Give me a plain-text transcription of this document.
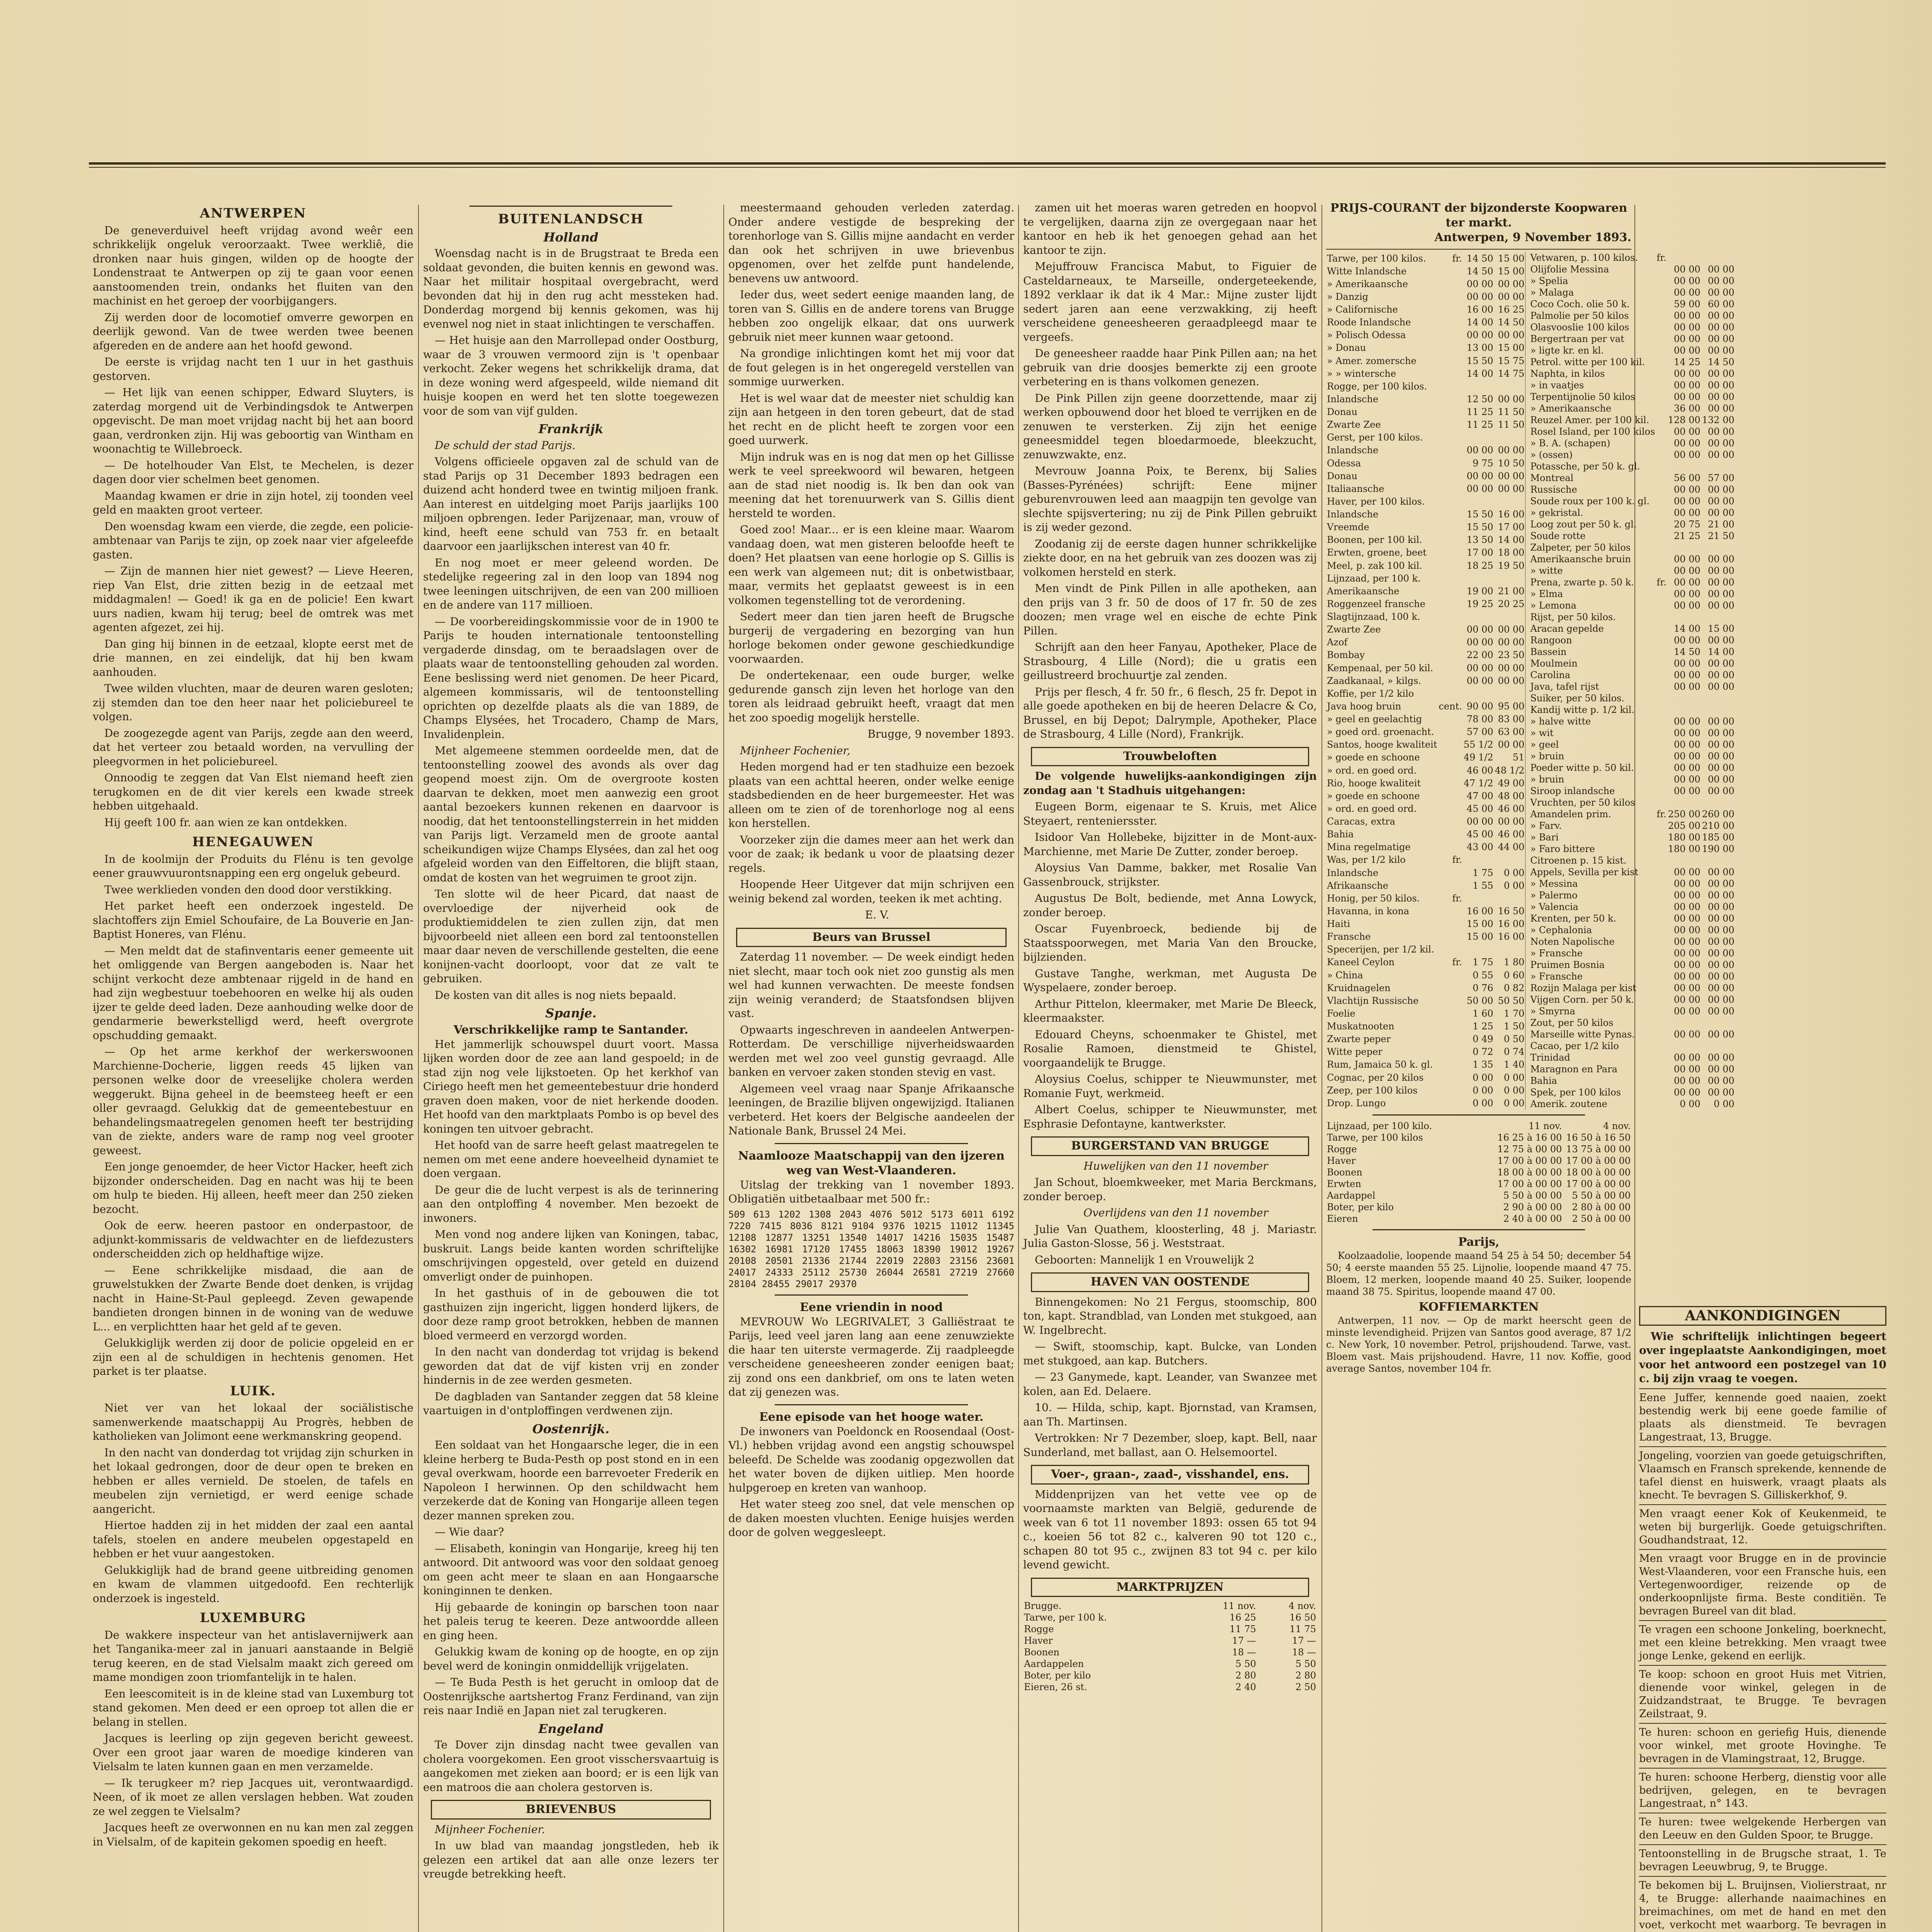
ANTWERPEN

De geneverduivel heeft vrijdag avond weêr een schrikkelijk ongeluk veroorzaakt. Twee werkliê, die dronken naar huis gingen, wilden op de hoogte der Londenstraat te Antwerpen op zij te gaan voor eenen aanstoomenden trein, ondanks het fluiten van den machinist en het geroep der voorbijgangers.

Zij werden door de locomotief omverre geworpen en deerlijk gewond. Van de twee werden twee beenen afgereden en de andere aan het hoofd gewond.

De eerste is vrijdag nacht ten 1 uur in het gasthuis gestorven.

— Het lijk van eenen schipper, Edward Sluyters, is zaterdag morgend uit de Verbindingsdok te Antwerpen opgevischt. De man moet vrijdag nacht bij het aan boord gaan, verdronken zijn. Hij was geboortig van Wintham en woonachtig te Willebroeck.

— De hotelhouder Van Elst, te Mechelen, is dezer dagen door vier schelmen beet genomen.

Maandag kwamen er drie in zijn hotel, zij toonden veel geld en maakten groot verteer.

Den woensdag kwam een vierde, die zegde, een policie-ambtenaar van Parijs te zijn, op zoek naar vier afgeleefde gasten.

— Zijn de mannen hier niet gewest? — Lieve Heeren, riep Van Elst, drie zitten bezig in de eetzaal met middagmalen! — Goed! ik ga en de policie! Een kwart uurs nadien, kwam hij terug; beel de omtrek was met agenten afgezet, zei hij.

Dan ging hij binnen in de eetzaal, klopte eerst met de drie mannen, en zei eindelijk, dat hij ben kwam aanhouden.

Twee wilden vluchten, maar de deuren waren gesloten; zij stemden dan toe den heer naar het policiebureel te volgen.

De zoogezegde agent van Parijs, zegde aan den weerd, dat het verteer zou betaald worden, na vervulling der pleegvormen in het policiebureel.

Onnoodig te zeggen dat Van Elst niemand heeft zien terugkomen en de dit vier kerels een kwade streek hebben uitgehaald.

Hij geeft 100 fr. aan wien ze kan ontdekken.

HENEGAUWEN

In de koolmijn der Produits du Flénu is ten gevolge eener grauwvuurontsnapping een erg ongeluk gebeurd.

Twee werklieden vonden den dood door verstikking.

Het parket heeft een onderzoek ingesteld. De slachtoffers zijn Emiel Schoufaire, de La Bouverie en Jan-Baptist Honeres, van Flénu.

— Men meldt dat de stafinventaris eener gemeente uit het omliggende van Bergen aangeboden is. Naar het schijnt verkocht deze ambtenaar rijgeld in de hand en had zijn wegbestuur toebehooren en welke hij als ouden ijzer te gelde deed laden. Deze aanhouding welke door de gendarmerie bewerkstelligd werd, heeft overgrote opschudding gemaakt.

— Op het arme kerkhof der werkerswoonen Marchienne-Docherie, liggen reeds 45 lijken van personen welke door de vreeselijke cholera werden weggerukt. Bijna geheel in de beemsteeg heeft er een oller gevraagd. Gelukkig dat de gemeentebestuur en behandelingsmaatregelen genomen heeft ter bestrijding van de ziekte, anders ware de ramp nog veel grooter geweest.

Een jonge genoemder, de heer Victor Hacker, heeft zich bijzonder onderscheiden. Dag en nacht was hij te been om hulp te bieden. Hij alleen, heeft meer dan 250 zieken bezocht.

Ook de eerw. heeren pastoor en onderpastoor, de adjunkt-kommissaris de veldwachter en de liefdezusters onderscheidden zich op heldhaftige wijze.

— Eene schrikkelijke misdaad, die aan de gruwelstukken der Zwarte Bende doet denken, is vrijdag nacht in Haine-St-Paul gepleegd. Zeven gewapende bandieten drongen binnen in de woning van de weduwe L... en verplichtten haar het geld af te geven.

Gelukkiglijk werden zij door de policie opgeleid en er zijn een al de schuldigen in hechtenis genomen. Het parket is ter plaatse.

LUIK.

Niet ver van het lokaal der sociälistische samenwerkende maatschappij Au Progrès, hebben de katholieken van Jolimont eene werkmanskring geopend.

In den nacht van donderdag tot vrijdag zijn schurken in het lokaal gedrongen, door de deur open te breken en hebben er alles vernield. De stoelen, de tafels en meubelen zijn vernietigd, er werd eenige schade aangericht.

Hiertoe hadden zij in het midden der zaal een aantal tafels, stoelen en andere meubelen opgestapeld en hebben er het vuur aangestoken.

Gelukkiglijk had de brand geene uitbreiding genomen en kwam de vlammen uitgedoofd. Een rechterlijk onderzoek is ingesteld.

LUXEMBURG

De wakkere inspecteur van het antislavernijwerk aan het Tanganika-meer zal in januari aanstaande in België terug keeren, en de stad Vielsalm maakt zich gereed om mame mondigen zoon triomfantelijk in te halen.

Een leescomiteit is in de kleine stad van Luxemburg tot stand gekomen. Men deed er een oproep tot allen die er belang in stellen.

Jacques is leerling op zijn gegeven bericht geweest. Over een groot jaar waren de moedige kinderen van Vielsalm te laten kunnen gaan en men verzamelde.

— Ik terugkeer m? riep Jacques uit, verontwaardigd. Neen, of ik moet ze allen verslagen hebben. Wat zouden ze wel zeggen te Vielsalm?

Jacques heeft ze overwonnen en nu kan men zal zeggen in Vielsalm, of de kapitein gekomen spoedig en heeft.

BUITENLANDSCH
Holland

Woensdag nacht is in de Brugstraat te Breda een soldaat gevonden, die buiten kennis en gewond was. Naar het militair hospitaal overgebracht, werd bevonden dat hij in den rug acht messteken had. Donderdag morgend bij kennis gekomen, was hij evenwel nog niet in staat inlichtingen te verschaffen.

— Het huisje aan den Marrollepad onder Oostburg, waar de 3 vrouwen vermoord zijn is 't openbaar verkocht. Zeker wegens het schrikkelijk drama, dat in deze woning werd afgespeeld, wilde niemand dit huisje koopen en werd het ten slotte toegewezen voor de som van vijf gulden.

Frankrijk

De schuld der stad Parijs.

Volgens officieele opgaven zal de schuld van de stad Parijs op 31 December 1893 bedragen een duizend acht honderd twee en twintig miljoen frank. Aan interest en uitdelging moet Parijs jaarlijks 100 miljoen opbrengen. Ieder Parijzenaar, man, vrouw of kind, heeft eene schuld van 753 fr. en betaalt daarvoor een jaarlijkschen interest van 40 fr.

En nog moet er meer geleend worden. De stedelijke regeering zal in den loop van 1894 nog twee leeningen uitschrijven, de een van 200 millioen en de andere van 117 millioen.

— De voorbereidingskommissie voor de in 1900 te Parijs te houden internationale tentoonstelling vergaderde dinsdag, om te beraadslagen over de plaats waar de tentoonstelling gehouden zal worden. Eene beslissing werd niet genomen. De heer Picard, algemeen kommissaris, wil de tentoonstelling oprichten op dezelfde plaats als die van 1889, de Champs Elysées, het Trocadero, Champ de Mars, Invalidenplein.

Met algemeene stemmen oordeelde men, dat de tentoonstelling zoowel des avonds als over dag geopend moest zijn. Om de overgroote kosten daarvan te dekken, moet men aanwezig een groot aantal bezoekers kunnen rekenen en daarvoor is noodig, dat het tentoonstellingsterrein in het midden van Parijs ligt. Verzameld men de groote aantal scheikundigen wijze Champs Elysées, dan zal het oog afgeleid worden van den Eiffeltoren, die blijft staan, omdat de kosten van het wegruimen te groot zijn.

Ten slotte wil de heer Picard, dat naast de overvloedige der nijverheid ook de produktiemiddelen te zien zullen zijn, dat men bijvoorbeeld niet alleen een bord zal tentoonstellen maar daar neven de verschillende gestelten, die eene konijnen-vacht doorloopt, voor dat ze valt te gebruiken.

De kosten van dit alles is nog niets bepaald.

Spanje.
Verschrikkelijke ramp te Santander.

Het jammerlijk schouwspel duurt voort. Massa lijken worden door de zee aan land gespoeld; in de stad zijn nog vele lijkstoeten. Op het kerkhof van Ciriego heeft men het gemeentebestuur drie honderd graven doen maken, voor de niet herkende dooden. Het hoofd van den marktplaats Pombo is op bevel des koningen ten uitvoer gebracht.

Het hoofd van de sarre heeft gelast maatregelen te nemen om met eene andere hoeveelheid dynamiet te doen vergaan.

De geur die de lucht verpest is als de terinnering aan den ontploffing 4 november. Men bezoekt de inwoners.

Men vond nog andere lijken van Koningen, tabac, buskruit. Langs beide kanten worden schriftelijke omschrijvingen opgesteld, over geteld en duizend omverligt onder de puinhopen.

In het gasthuis of in de gebouwen die tot gasthuizen zijn ingericht, liggen honderd lijkers, de door deze ramp groot betrokken, hebben de mannen bloed vermeerd en verzorgd worden.

In den nacht van donderdag tot vrijdag is bekend geworden dat dat de vijf kisten vrij en zonder hindernis in de zee werden gesmeten.

De dagbladen van Santander zeggen dat 58 kleine vaartuigen in d'ontploffingen verdwenen zijn.

Oostenrijk.

Een soldaat van het Hongaarsche leger, die in een kleine herberg te Buda-Pesth op post stond en in een geval overkwam, hoorde een barrevoeter Frederik en Napoleon I herwinnen. Op den schildwacht hem verzekerde dat de Koning van Hongarije alleen tegen dezer mannen spreken zou.

— Wie daar?

— Elisabeth, koningin van Hongarije, kreeg hij ten antwoord. Dit antwoord was voor den soldaat genoeg om geen acht meer te slaan en aan Hongaarsche koninginnen te denken.

Hij gebaarde de koningin op barschen toon naar het paleis terug te keeren. Deze antwoordde alleen en ging heen.

Gelukkig kwam de koning op de hoogte, en op zijn bevel werd de koningin onmiddellijk vrijgelaten.

— Te Buda Pesth is het gerucht in omloop dat de Oostenrijksche aartshertog Franz Ferdinand, van zijn reis naar Indië en Japan niet zal terugkeren.

Engeland

Te Dover zijn dinsdag nacht twee gevallen van cholera voorgekomen. Een groot visschersvaartuig is aangekomen met zieken aan boord; er is een lijk van een matroos die aan cholera gestorven is.

BRIEVENBUS

Mijnheer Fochenier.

In uw blad van maandag jongstleden, heb ik gelezen een artikel dat aan alle onze lezers ter vreugde betrekking heeft.

meestermaand gehouden verleden zaterdag. Onder andere vestigde de bespreking der torenhorloge van S. Gillis mijne aandacht en verder dan ook het schrijven in uwe brievenbus opgenomen, over het zelfde punt handelende, benevens uw antwoord.

Ieder dus, weet sedert eenige maanden lang, de toren van S. Gillis en de andere torens van Brugge hebben zoo ongelijk elkaar, dat ons uurwerk gebruik niet meer kunnen waar getoond.

Na grondige inlichtingen komt het mij voor dat de fout gelegen is in het ongeregeld verstellen van sommige uurwerken.

Het is wel waar dat de meester niet schuldig kan zijn aan hetgeen in den toren gebeurt, dat de stad het recht en de plicht heeft te zorgen voor een goed uurwerk.

Mijn indruk was en is nog dat men op het Gillisse werk te veel spreekwoord wil bewaren, hetgeen aan de stad niet noodig is. Ik ben dan ook van meening dat het torenuurwerk van S. Gillis dient hersteld te worden.

Goed zoo! Maar... er is een kleine maar. Waarom vandaag doen, wat men gisteren beloofde heeft te doen? Het plaatsen van eene horlogie op S. Gillis is een werk van algemeen nut; dit is onbetwistbaar, maar, vermits het geplaatst geweest is in een volkomen tegenstelling tot de verordening.

Sedert meer dan tien jaren heeft de Brugsche burgerij de vergadering en bezorging van hun horloge bekomen onder gewone geschiedkundige voorwaarden.

De ondertekenaar, een oude burger, welke gedurende gansch zijn leven het horloge van den toren als leidraad gebruikt heeft, vraagt dat men het zoo spoedig mogelijk herstelle.

Brugge, 9 november 1893.

Mijnheer Fochenier,

Heden morgend had er ten stadhuize een bezoek plaats van een achttal heeren, onder welke eenige stadsbedienden en de heer burgemeester. Het was alleen om te zien of de torenhorloge nog al eens kon herstellen.

Voorzeker zijn die dames meer aan het werk dan voor de zaak; ik bedank u voor de plaatsing dezer regels.

Hoopende Heer Uitgever dat mijn schrijven een weinig bekend zal worden, teeken ik met achting.

E. V.

Beurs van Brussel

Zaterdag 11 november. — De week eindigt heden niet slecht, maar toch ook niet zoo gunstig als men wel had kunnen verwachten. De meeste fondsen zijn weinig veranderd; de Staatsfondsen blijven vast.

Opwaarts ingeschreven in aandeelen Antwerpen-Rotterdam. De verschillige nijverheidswaarden werden met wel zoo veel gunstig gevraagd. Alle banken en vervoer zaken stonden stevig en vast.

Algemeen veel vraag naar Spanje Afrikaansche leeningen, de Brazilie blijven ongewijzigd. Italianen verbeterd. Het koers der Belgische aandeelen der Nationale Bank, Brussel 24 Mei.

Naamlooze Maatschappij van den ijzeren weg van West-Vlaanderen.

Uitslag der trekking van 1 november 1893. Obligatiën uitbetaalbaar met 500 fr.:

509 613 1202 1308 2043 4076 5012 5173 6011 6192 7220 7415 8036 8121 9104 9376 10215 11012 11345 12108 12877 13251 13540 14017 14216 15035 15487 16302 16981 17120 17455 18063 18390 19012 19267 20108 20501 21336 21744 22019 22803 23156 23601 24017 24333 25112 25730 26044 26581 27219 27660 28104 28455 29017 29370

Eene vriendin in nood

MEVROUW Wo LEGRIVALET, 3 Galliëstraat te Parijs, leed veel jaren lang aan eene zenuwziekte die haar ten uiterste vermagerde. Zij raadpleegde verscheidene geneesheeren zonder eenigen baat; zij zond ons een dankbrief, om ons te laten weten dat zij genezen was.

Eene episode van het hooge water.

De inwoners van Poeldonck en Roosendaal (Oost-Vl.) hebben vrijdag avond een angstig schouwspel beleefd. De Schelde was zoodanig opgezwollen dat het water boven de dijken uitliep. Men hoorde hulpgeroep en kreten van wanhoop.

Het water steeg zoo snel, dat vele menschen op de daken moesten vluchten. Eenige huisjes werden door de golven weggesleept.

zamen uit het moeras waren getreden en hoopvol te vergelijken, daarna zijn ze overgegaan naar het kantoor en heb ik het genoegen gehad aan het kantoor te zijn.

Mejuffrouw Francisca Mabut, to Figuier de Casteldarneaux, te Marseille, ondergeteekende, 1892 verklaar ik dat ik 4 Mar.: Mijne zuster lijdt sedert jaren aan eene verzwakking, zij heeft verscheidene geneesheeren geraadpleegd maar te vergeefs.

De geneesheer raadde haar Pink Pillen aan; na het gebruik van drie doosjes bemerkte zij een groote verbetering en is thans volkomen genezen.

De Pink Pillen zijn geene doorzettende, maar zij werken opbouwend door het bloed te verrijken en de zenuwen te versterken. Zij zijn het eenige geneesmiddel tegen bloedarmoede, bleekzucht, zenuwzwakte, enz.

Mevrouw Joanna Poix, te Berenx, bij Salies (Basses-Pyrénées) schrijft: Eene mijner geburenvrouwen leed aan maagpijn ten gevolge van slechte spijsvertering; nu zij de Pink Pillen gebruikt is zij weder gezond.

Zoodanig zij de eerste dagen hunner schrikkelijke ziekte door, en na het gebruik van zes doozen was zij volkomen hersteld en sterk.

Men vindt de Pink Pillen in alle apotheken, aan den prijs van 3 fr. 50 de doos of 17 fr. 50 de zes doozen; men vrage wel en eische de echte Pink Pillen.

Schrijft aan den heer Fanyau, Apotheker, Place de Strasbourg, 4 Lille (Nord); die u gratis een geillustreerd brochuurtje zal zenden.

Prijs per flesch, 4 fr. 50 fr., 6 flesch, 25 fr. Depot in alle goede apotheken en bij de heeren Delacre & Co, Brussel, en bij Depot; Dalrymple, Apotheker, Place de Strasbourg, 4 Lille (Nord), Frankrijk.

Trouwbeloften

De volgende huwelijks-aankondigingen zijn zondag aan 't Stadhuis uitgehangen:

Eugeen Borm, eigenaar te S. Kruis, met Alice Steyaert, renteniersster.

Isidoor Van Hollebeke, bijzitter in de Mont-aux-Marchienne, met Marie De Zutter, zonder beroep.

Aloysius Van Damme, bakker, met Rosalie Van Gassenbrouck, strijkster.

Augustus De Bolt, bediende, met Anna Lowyck, zonder beroep.

Oscar Fuyenbroeck, bediende bij de Staatsspoorwegen, met Maria Van den Broucke, bijlzienden.

Gustave Tanghe, werkman, met Augusta De Wyspelaere, zonder beroep.

Arthur Pittelon, kleermaker, met Marie De Bleeck, kleermaakster.

Edouard Cheyns, schoenmaker te Ghistel, met Rosalie Ramoen, dienstmeid te Ghistel, voorgaandelijk te Brugge.

Aloysius Coelus, schipper te Nieuwmunster, met Romanie Fuyt, werkmeid.

Albert Coelus, schipper te Nieuwmunster, met Esphrasie Defontayne, kantwerkster.

BURGERSTAND VAN BRUGGE

Huwelijken van den 11 november

Jan Schout, bloemkweeker, met Maria Berckmans, zonder beroep.

Overlijdens van den 11 november

Julie Van Quathem, kloosterling, 48 j. Mariastr. Julia Gaston-Slosse, 56 j. Weststraat.

Geboorten: Mannelijk 1 en Vrouwelijk 2

HAVEN VAN OOSTENDE

Binnengekomen: No 21 Fergus, stoomschip, 800 ton, kapt. Strandblad, van Londen met stukgoed, aan W. Ingelbrecht.

— Swift, stoomschip, kapt. Bulcke, van Londen met stukgoed, aan kap. Butchers.

— 23 Ganymede, kapt. Leander, van Swanzee met kolen, aan Ed. Delaere.

10. — Hilda, schip, kapt. Bjornstad, van Kramsen, aan Th. Martinsen.

Vertrokken: Nr 7 Dezember, sloep, kapt. Bell, naar Sunderland, met ballast, aan O. Helsemoortel.

Voer-, graan-, zaad-, visshandel, ens.

Middenprijzen van het vette vee op de voornaamste markten van België, gedurende de week van 6 tot 11 november 1893: ossen 65 tot 94 c., koeien 56 tot 82 c., kalveren 90 tot 120 c., schapen 80 tot 95 c., zwijnen 83 tot 94 c. per kilo levend gewicht.

MARKTPRIJZEN
Brugge.	11 nov.	4 nov.
Tarwe, per 100 k.	16 25	16 50
Rogge	11 75	11 75
Haver	17 —	17 —
Boonen	18 —	18 —
Aardappelen	5 50	5 50
Boter, per kilo	2 80	2 80
Eieren, 26 st.	2 40	2 50
PRIJS-COURANT der bijzonderste Koopwaren ter markt.
Antwerpen, 9 November 1893.
Tarwe, per 100 kilos.	fr.	14 50	15 00
Witte Inlandsche		14 50	15 00
» Amerikaansche		00 00	00 00
» Danzig		00 00	00 00
» Californische		16 00	16 25
Roode Inlandsche		14 00	14 50
» Polisch Odessa		00 00	00 00
» Donau		13 00	15 00
» Amer. zomersche		15 50	15 75
» » wintersche		14 00	14 75
Rogge, per 100 kilos.			
Inlandsche		12 50	00 00
Donau		11 25	11 50
Zwarte Zee		11 25	11 50
Gerst, per 100 kilos.			
Inlandsche		00 00	00 00
Odessa		9 75	10 50
Donau		00 00	00 00
Italiaansche		00 00	00 00
Haver, per 100 kilos.			
Inlandsche		15 50	16 00
Vreemde		15 50	17 00
Boonen, per 100 kil.		13 50	14 00
Erwten, groene, beet		17 00	18 00
Meel, p. zak 100 kil.		18 25	19 50
Lijnzaad, per 100 k.			
Amerikaansche		19 00	21 00
Roggenzeel fransche		19 25	20 25
Slagtijnzaad, 100 k.			
Zwarte Zee		00 00	00 00
Azof		00 00	00 00
Bombay		22 00	23 50
Kempenaal, per 50 kil.		00 00	00 00
Zaadkanaal, » kilgs.		00 00	00 00
Koffie, per 1/2 kilo			
Java hoog bruin	cent.	90 00	95 00
» geel en geelachtig		78 00	83 00
» goed ord. groenacht.		57 00	63 00
Santos, hooge kwaliteit		55 1/2	00 00
» goede en schoone		49 1/2	51
» ord. en goed ord.		46 00	48 1/2
Rio, hooge kwaliteit		47 1/2	49 00
» goede en schoone		47 00	48 00
» ord. en goed ord.		45 00	46 00
Caracas, extra		00 00	00 00
Bahia		45 00	46 00
Mina regelmatige		43 00	44 00
Was, per 1/2 kilo	fr.		
Inlandsche		1 75	0 00
Afrikaansche		1 55	0 00
Honig, per 50 kilos.	fr.		
Havanna, in kona		16 00	16 50
Haiti		15 00	16 00
Fransche		15 00	16 00
Specerijen, per 1/2 kil.			
Kaneel Ceylon	fr.	1 75	1 80
» China		0 55	0 60
Kruidnagelen		0 76	0 82
Vlachtijn Russische		50 00	50 50
Foelie		1 60	1 70
Muskatnooten		1 25	1 50
Zwarte peper		0 49	0 50
Witte peper		0 72	0 74
Rum, Jamaica 50 k. gl.		1 35	1 40
Cognac, per 20 kilos		0 00	0 00
Zeep, per 100 kilos		0 00	0 00
Drop. Lungo		0 00	0 00
Vetwaren, p. 100 kilos.	fr.		
Olijfolie Messina		00 00	00 00
» Spelia		00 00	00 00
» Malaga		00 00	00 00
Coco Coch. olie 50 k.		59 00	60 00
Palmolie per 50 kilos		00 00	00 00
Olasvooslie 100 kilos		00 00	00 00
Bergertraan per vat		00 00	00 00
» ligte kr. en kl.		00 00	00 00
Petrol. witte per 100 kil.		14 25	14 50
Naphta, in kilos		00 00	00 00
» in vaatjes		00 00	00 00
Terpentijnolie 50 kilos		00 00	00 00
» Amerikaansche		36 00	00 00
Reuzel Amer. per 100 kil.		128 00	132 00
Rosel Island, per 100 kilos		00 00	00 00
» B. A. (schapen)		00 00	00 00
» (ossen)		00 00	00 00
Potassche, per 50 k. gl.			
Montreal		56 00	57 00
Russische		00 00	00 00
Soude roux per 100 k. gl.		00 00	00 00
» gekristal.		00 00	00 00
Loog zout per 50 k. gl.		20 75	21 00
Soude rotte		21 25	21 50
Zalpeter, per 50 kilos			
Amerikaansche bruin		00 00	00 00
» witte		00 00	00 00
Prena, zwarte p. 50 k.	fr.	00 00	00 00
» Elma		00 00	00 00
» Lemona		00 00	00 00
Rijst, per 50 kilos.			
Aracan gepelde		14 00	15 00
Rangoon		00 00	00 00
Bassein		14 50	14 00
Moulmein		00 00	00 00
Carolina		00 00	00 00
Java, tafel rijst		00 00	00 00
Suiker, per 50 kilos.			
Kandij witte p. 1/2 kil.			
» halve witte		00 00	00 00
» wit		00 00	00 00
» geel		00 00	00 00
» bruin		00 00	00 00
Poeder witte p. 50 kil.		00 00	00 00
» bruin		00 00	00 00
Siroop inlandsche		00 00	00 00
Vruchten, per 50 kilos			
Amandelen prim.	fr.	250 00	260 00
» Farv.		205 00	210 00
» Bari		180 00	185 00
» Faro bittere		180 00	190 00
Citroenen p. 15 kist.			
Appels, Sevilla per kist		00 00	00 00
» Messina		00 00	00 00
» Palermo		00 00	00 00
» Valencia		00 00	00 00
Krenten, per 50 k.		00 00	00 00
» Cephalonia		00 00	00 00
Noten Napolische		00 00	00 00
» Fransche		00 00	00 00
Pruimen Bosnia		00 00	00 00
» Fransche		00 00	00 00
Rozijn Malaga per kist		00 00	00 00
Vijgen Corn. per 50 k.		00 00	00 00
» Smyrna		00 00	00 00
Zout, per 50 kilos			
Marseille witte Pynas.		00 00	00 00
Cacao, per 1/2 kilo			
Trinidad		00 00	00 00
Maragnon en Para		00 00	00 00
Bahia		00 00	00 00
Spek, per 100 kilos		00 00	00 00
Amerik. zoutene		0 00	0 00
Lijnzaad, per 100 kilo.	11 nov.	4 nov.
Tarwe, per 100 kilos	16 25 à 16 00	16 50 à 16 50
Rogge	12 75 à 00 00	13 75 à 00 00
Haver	17 00 à 00 00	17 00 à 00 00
Boonen	18 00 à 00 00	18 00 à 00 00
Erwten	17 00 à 00 00	17 00 à 00 00
Aardappel	5 50 à 00 00	5 50 à 00 00
Boter, per kilo	2 90 à 00 00	2 80 à 00 00
Eieren	2 40 à 00 00	2 50 à 00 00
Parijs,

Koolzaadolie, loopende maand 54 25 à 54 50; december 54 50; 4 eerste maanden 55 25. Lijnolie, loopende maand 47 75. Bloem, 12 merken, loopende maand 40 25. Suiker, loopende maand 38 75. Spiritus, loopende maand 47 00.

KOFFIEMARKTEN

Antwerpen, 11 nov. — Op de markt heerscht geen de minste levendigheid. Prijzen van Santos good average, 87 1/2 c. New York, 10 november. Petrol, prijshoudend. Tarwe, vast. Bloem vast. Mais prijshoudend. Havre, 11 nov. Koffie, good average Santos, november 104 fr.

AANKONDIGINGEN

Wie schriftelijk inlichtingen begeert over ingeplaatste Aankondigingen, moet voor het antwoord een postzegel van 10 c. bij zijn vraag te voegen.

Eene Juffer, kennende goed naaien, zoekt bestendig werk bij eene goede familie of plaats als dienstmeid. Te bevragen Langestraat, 13, Brugge.
Jongeling, voorzien van goede getuigschriften, Vlaamsch en Fransch sprekende, kennende de tafel dienst en huiswerk, vraagt plaats als knecht. Te bevragen S. Gilliskerkhof, 9.
Men vraagt eener Kok of Keukenmeid, te weten bij burgerlijk. Goede getuigschriften. Goudhandstraat, 12.
Men vraagt voor Brugge en in de provincie West-Vlaanderen, voor een Fransche huis, een Vertegenwoordiger, reizende op de onderkoopnlijste firma. Beste conditiën. Te bevragen Bureel van dit blad.
Te vragen een schoone Jonkeling, boerknecht, met een kleine betrekking. Men vraagt twee jonge Lenke, gekend en eerlijk.
Te koop: schoon en groot Huis met Vitrien, dienende voor winkel, gelegen in de Zuidzandstraat, te Brugge. Te bevragen Zeilstraat, 9.
Te huren: schoon en geriefig Huis, dienende voor winkel, met groote Hovinghe. Te bevragen in de Vlamingstraat, 12, Brugge.
Te huren: schoone Herberg, dienstig voor alle bedrijven, gelegen, en te bevragen Langestraat, n° 143.
Te huren: twee welgekende Herbergen van den Leeuw en den Gulden Spoor, te Brugge.
Tentoonstelling in de Brugsche straat, 1. Te bevragen Leeuwbrug, 9, te Brugge.
Te bekomen bij L. Bruijnsen, Violierstraat, nr 4, te Brugge: allerhande naaimachines en breimachines, om met de hand en met den voet, verkocht met waarborg. Te bevragen in
